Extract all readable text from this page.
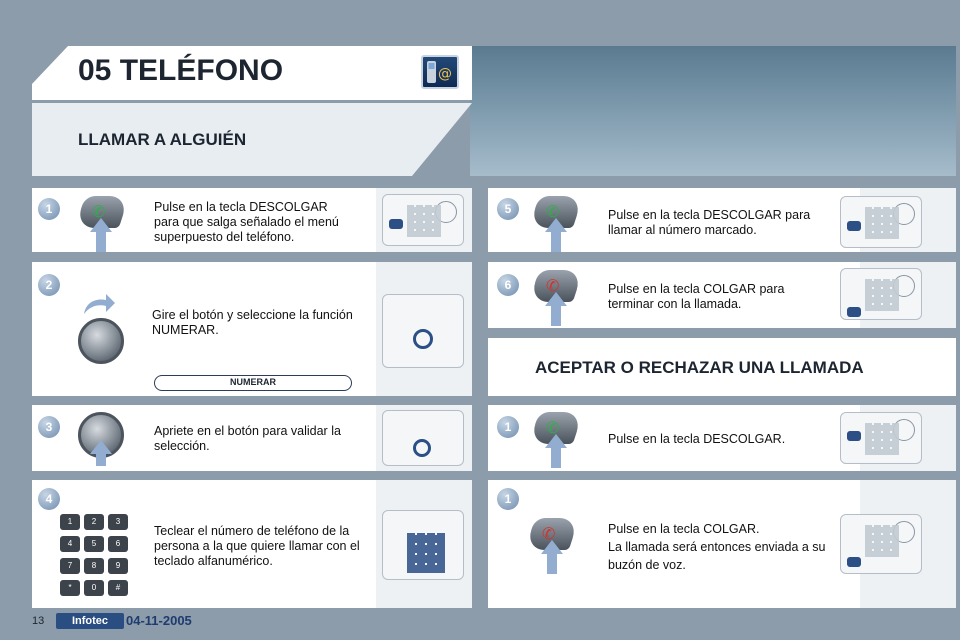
05 TELÉFONO	@
LLAMAR A ALGUIÉN
1	✆	Pulse en la tecla DESCOLGAR para que salga señalado el menú superpuesto del teléfono.
2
Gire el botón y seleccione la función NUMERAR.
NUMERAR
3	Apriete en el botón para validar la selección.
4
1	2	3
4	5	6
7	8	9
*	0	#
Teclear el número de teléfono de la persona a la que quiere llamar con el teclado alfanumérico.
5	✆	Pulse en la tecla DESCOLGAR para llamar al número marcado.
6	✆	Pulse en la tecla COLGAR para terminar con la llamada.
ACEPTAR O RECHAZAR UNA LLAMADA
1	✆
Pulse en la tecla DESCOLGAR.
1
✆	Pulse en la tecla COLGAR.
La llamada será entonces enviada a su buzón de voz.
13	Infotec	04-11-2005
